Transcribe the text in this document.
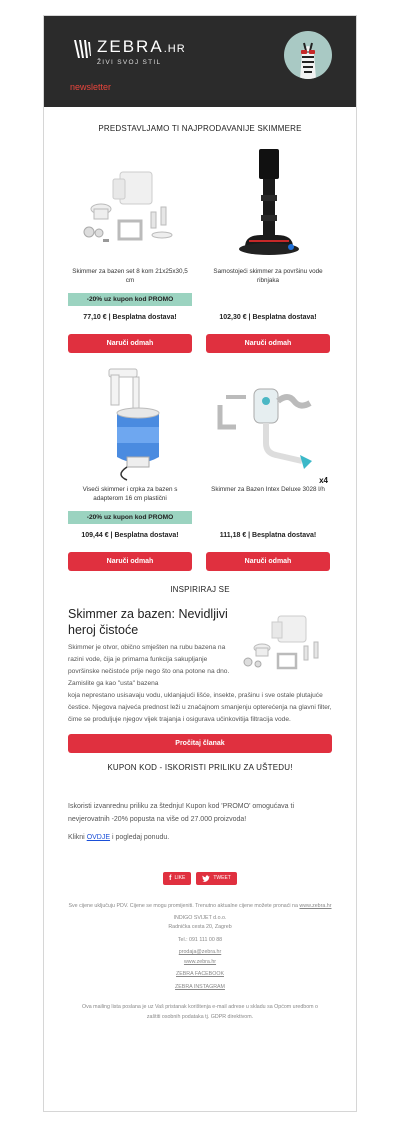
ZEBRA.HR
ŽIVI SVOJ STIL
newsletter
PREDSTAVLJAMO TI NAJPRODAVANIJE SKIMMERE
Skimmer za bazen set 8 kom 21x25x30,5 cm
-20% uz kupon kod PROMO
77,10 € | Besplatna dostava!
Naruči odmah
Samostojeći skimmer za površinu vode ribnjaka
102,30 € | Besplatna dostava!
Naruči odmah
Viseći skimmer i crpka za bazen s adapterom 16 cm plastični
-20% uz kupon kod PROMO
109,44 € | Besplatna dostava!
Naruči odmah
x4
Skimmer za Bazen Intex Deluxe 3028 l/h
111,18 € | Besplatna dostava!
Naruči odmah
INSPIRIRAJ SE
Skimmer za bazen: Nevidljivi heroj čistoće
Skimmer je otvor, obično smješten na rubu bazena na razini vode, čija je primarna funkcija sakupljanje površinske nečistoće prije nego što ona potone na dno. Zamislite ga kao "usta" bazena
koja neprestano usisavaju vodu, uklanjajući lišće, insekte, prašinu i sve ostale plutajuće čestice. Njegova najveća prednost leži u značajnom smanjenju opterećenja na glavni filter, čime se produljuje njegov vijek trajanja i osigurava učinkovitija filtracija vode.
Pročitaj članak
KUPON KOD - ISKORISTI PRILIKU ZA UŠTEDU!
Iskoristi izvanrednu priliku za štednju! Kupon kod 'PROMO' omogućava ti nevjerovatnih -20% popusta na više od 27.000 proizvoda!
Klikni OVDJE i pogledaj ponudu.
f LIKE	TWEET
Sve cijene uključuju PDV. Cijene se mogu promijeniti. Trenutno aktualne cijene možete pronaći na www.zebra.hr
INDIGO SVIJET d.o.o.
Radnička cesta 20, Zagreb
Tel.: 091 111 00 88
prodaja@zebra.hr
www.zebra.hr
ZEBRA FACEBOOK
ZEBRA INSTAGRAM
Ova mailing lista poslana je uz Vaš pristanak korištenja e-mail adrese u skladu sa Općom uredbom o zaštiti osobnih podataka tj. GDPR direktivom.
